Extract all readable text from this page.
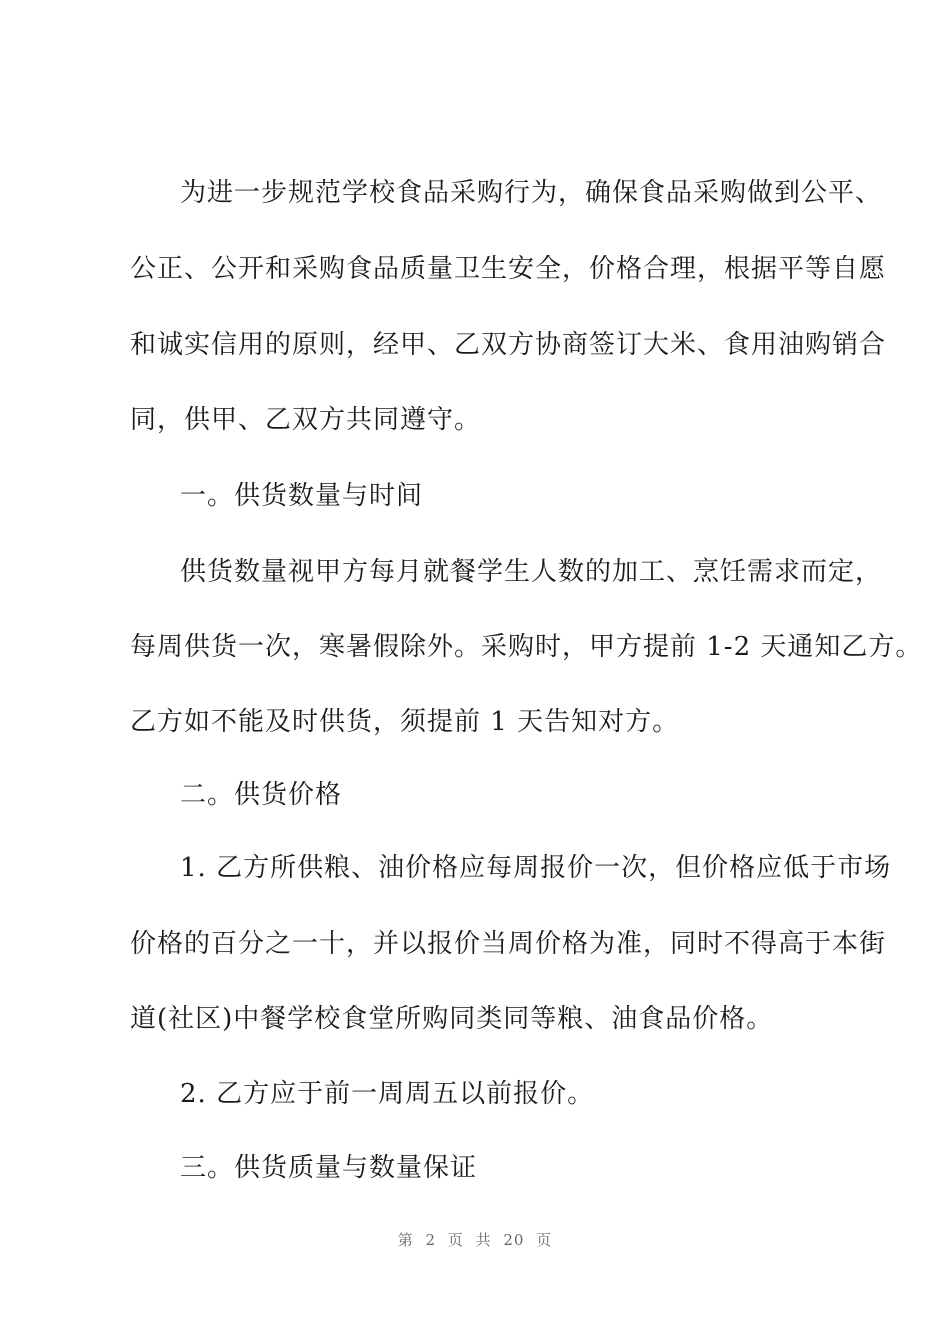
为进一步规范学校食品采购行为，确保食品采购做到公平、
公正、公开和采购食品质量卫生安全，价格合理，根据平等自愿
和诚实信用的原则，经甲、乙双方协商签订大米、食用油购销合
同，供甲、乙双方共同遵守。
一。供货数量与时间
供货数量视甲方每月就餐学生人数的加工、烹饪需求而定，
每周供货一次，寒暑假除外。采购时，甲方提前 1-2 天通知乙方。
乙方如不能及时供货，须提前 1 天告知对方。
二。供货价格
1. 乙方所供粮、油价格应每周报价一次，但价格应低于市场
价格的百分之一十，并以报价当周价格为准，同时不得高于本街
道(社区)中餐学校食堂所购同类同等粮、油食品价格。
2. 乙方应于前一周周五以前报价。
三。供货质量与数量保证
第 2 页 共 20 页
